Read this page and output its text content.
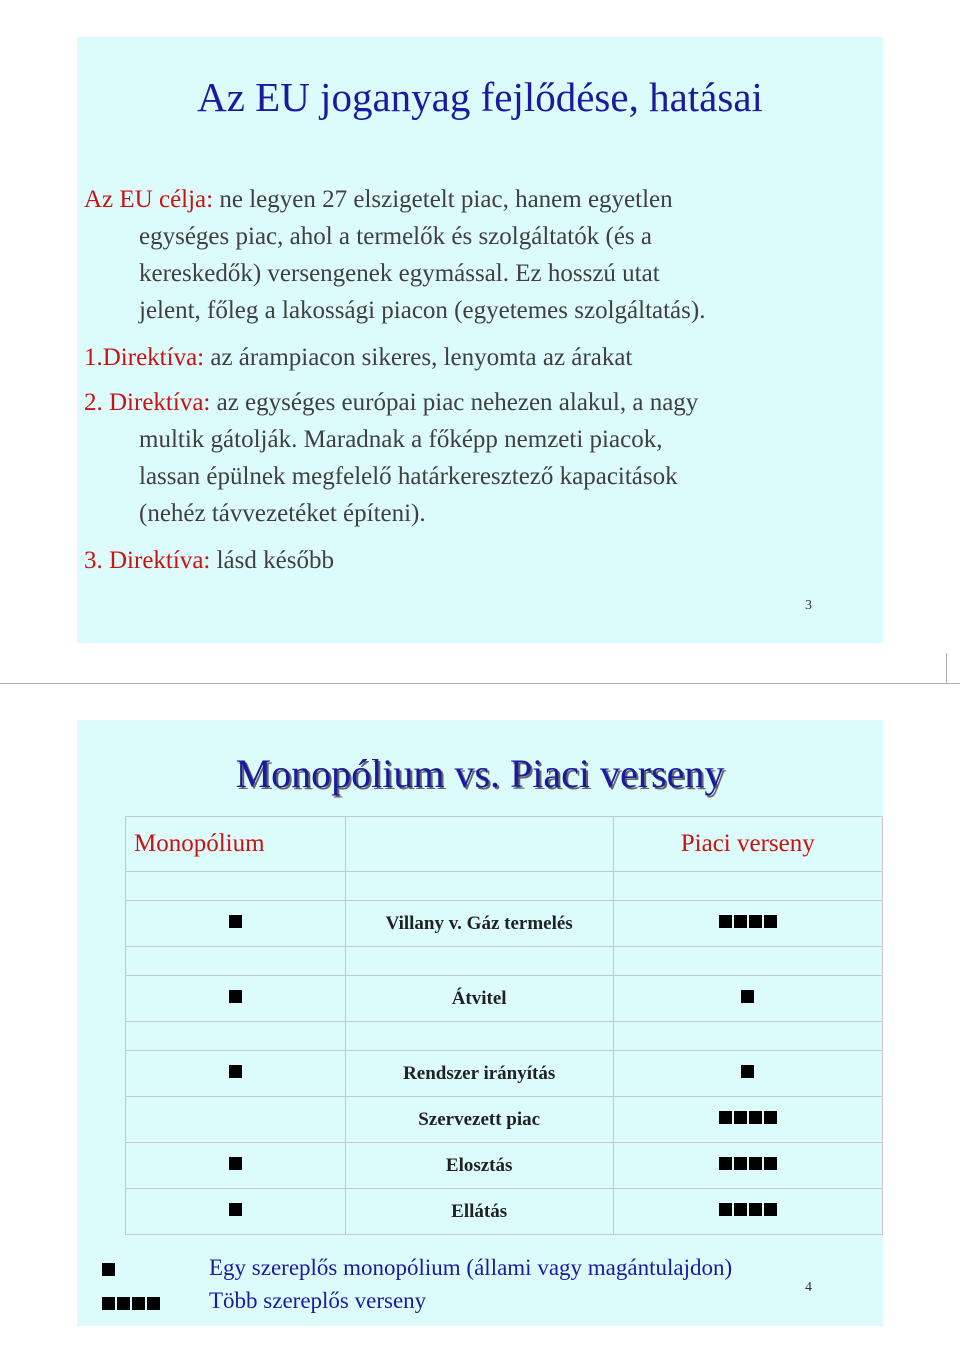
Az EU joganyag fejlődése, hatásai
Az EU célja: ne legyen 27 elszigetelt piac, hanem egyetlen
egységes piac, ahol a termelők és szolgáltatók (és a
kereskedők) versengenek egymással. Ez hosszú utat
jelent, főleg a lakossági piacon (egyetemes szolgáltatás).
1.Direktíva: az árampiacon sikeres, lenyomta az árakat
2. Direktíva: az egységes európai piac nehezen alakul, a nagy
multik gátolják. Maradnak a főképp nemzeti piacok,
lassan épülnek megfelelő határkeresztező kapacitások
(nehéz távvezetéket építeni).
3. Direktíva: lásd később
3
Monopólium vs. Piaci verseny
Monopólium		Piaci verseny

	Villany v. Gáz termelés	

	Átvitel	

	Rendszer irányítás	
	Szervezett piac	
	Elosztás	
	Ellátás	
Egy szereplős monopólium (állami vagy magántulajdon)
Több szereplős verseny
4
